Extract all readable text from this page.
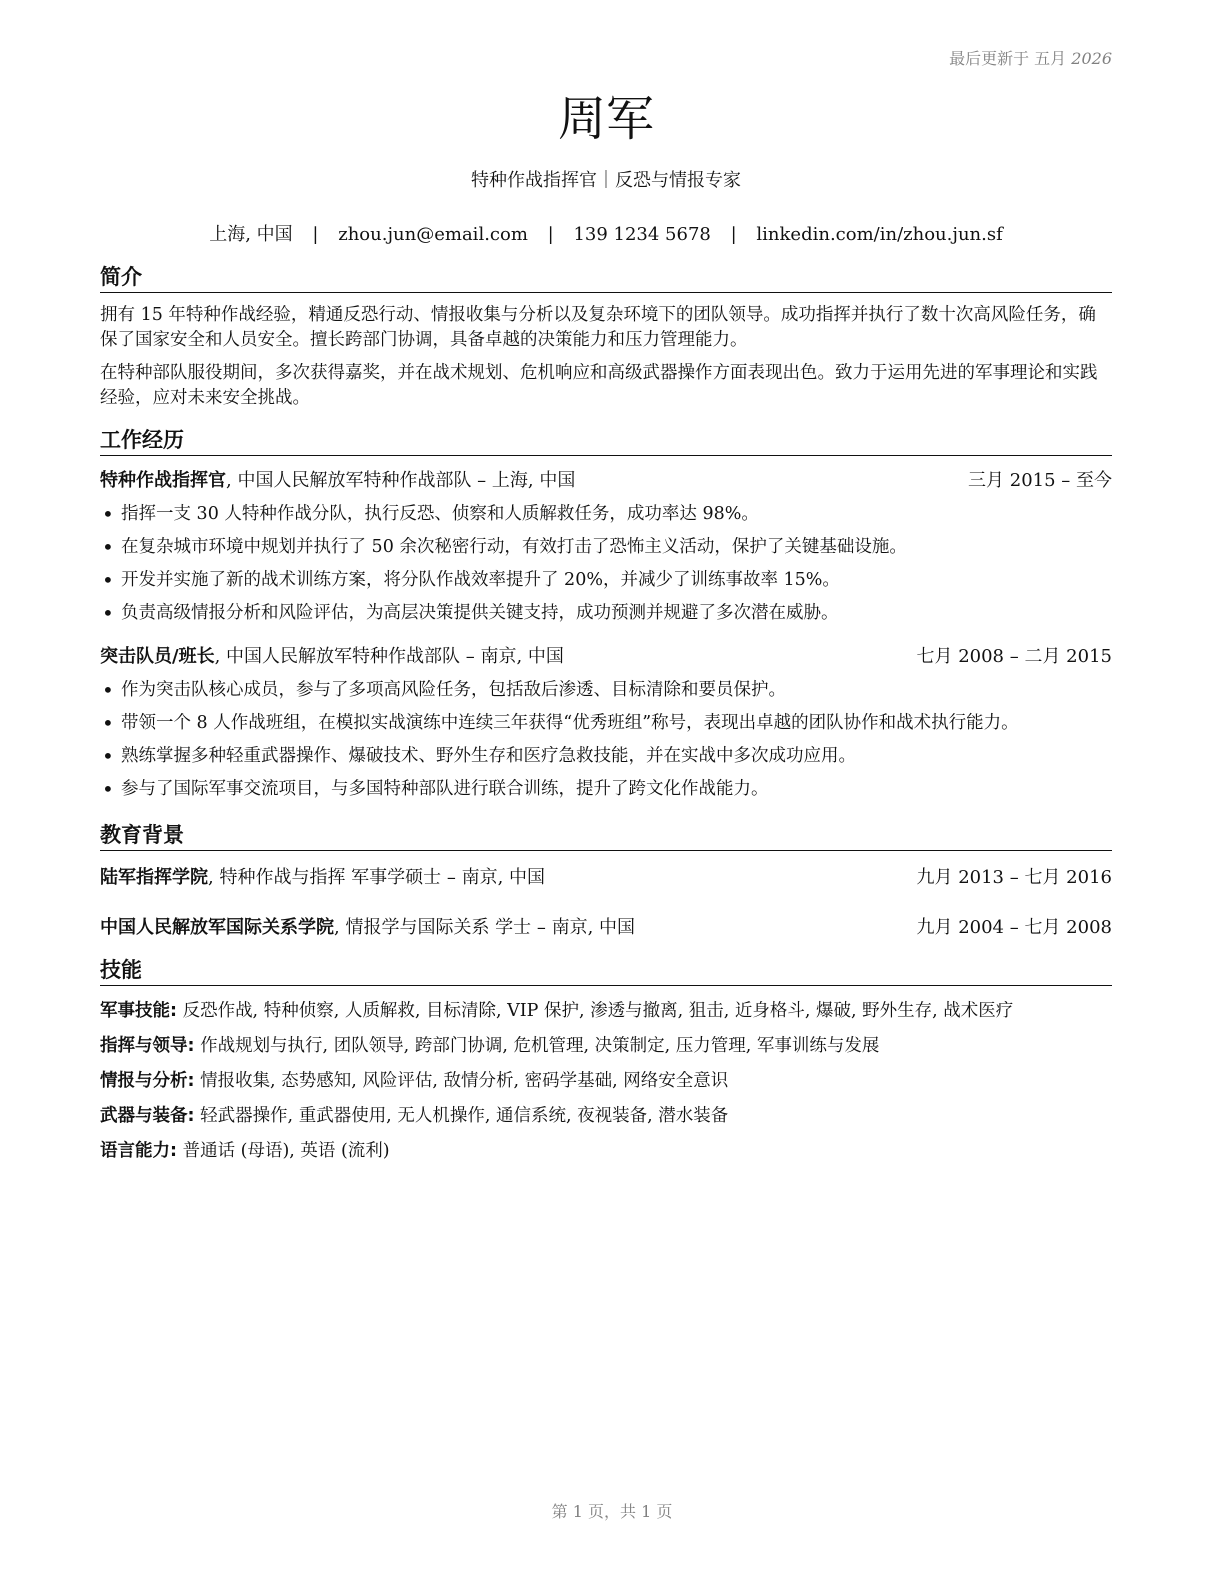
最后更新于 五月 2026
周军
特种作战指挥官｜反恐与情报专家
上海, 中国 | zhou.jun@email.com | 139 1234 5678 | linkedin.com/in/zhou.jun.sf
简介

拥有 15 年特种作战经验，精通反恐行动、情报收集与分析以及复杂环境下的团队领导。成功指挥并执行了数十次高风险任务，确保了国家安全和人员安全。擅长跨部门协调，具备卓越的决策能力和压力管理能力。

在特种部队服役期间，多次获得嘉奖，并在战术规划、危机响应和高级武器操作方面表现出色。致力于运用先进的军事理论和实践经验，应对未来安全挑战。

工作经历
特种作战指挥官, 中国人民解放军特种作战部队 – 上海, 中国	三月 2015 – 至今
• 指挥一支 30 人特种作战分队，执行反恐、侦察和人质解救任务，成功率达 98%。
• 在复杂城市环境中规划并执行了 50 余次秘密行动，有效打击了恐怖主义活动，保护了关键基础设施。
• 开发并实施了新的战术训练方案，将分队作战效率提升了 20%，并减少了训练事故率 15%。
• 负责高级情报分析和风险评估，为高层决策提供关键支持，成功预测并规避了多次潜在威胁。
突击队员/班长, 中国人民解放军特种作战部队 – 南京, 中国	七月 2008 – 二月 2015
• 作为突击队核心成员，参与了多项高风险任务，包括敌后渗透、目标清除和要员保护。
• 带领一个 8 人作战班组，在模拟实战演练中连续三年获得“优秀班组”称号，表现出卓越的团队协作和战术执行能力。
• 熟练掌握多种轻重武器操作、爆破技术、野外生存和医疗急救技能，并在实战中多次成功应用。
• 参与了国际军事交流项目，与多国特种部队进行联合训练，提升了跨文化作战能力。
教育背景
陆军指挥学院, 特种作战与指挥 军事学硕士 – 南京, 中国	九月 2013 – 七月 2016
中国人民解放军国际关系学院, 情报学与国际关系 学士 – 南京, 中国	九月 2004 – 七月 2008
技能
军事技能: 反恐作战, 特种侦察, 人质解救, 目标清除, VIP 保护, 渗透与撤离, 狙击, 近身格斗, 爆破, 野外生存, 战术医疗
指挥与领导: 作战规划与执行, 团队领导, 跨部门协调, 危机管理, 决策制定, 压力管理, 军事训练与发展
情报与分析: 情报收集, 态势感知, 风险评估, 敌情分析, 密码学基础, 网络安全意识
武器与装备: 轻武器操作, 重武器使用, 无人机操作, 通信系统, 夜视装备, 潜水装备
语言能力: 普通话 (母语), 英语 (流利)
第 1 页，共 1 页
